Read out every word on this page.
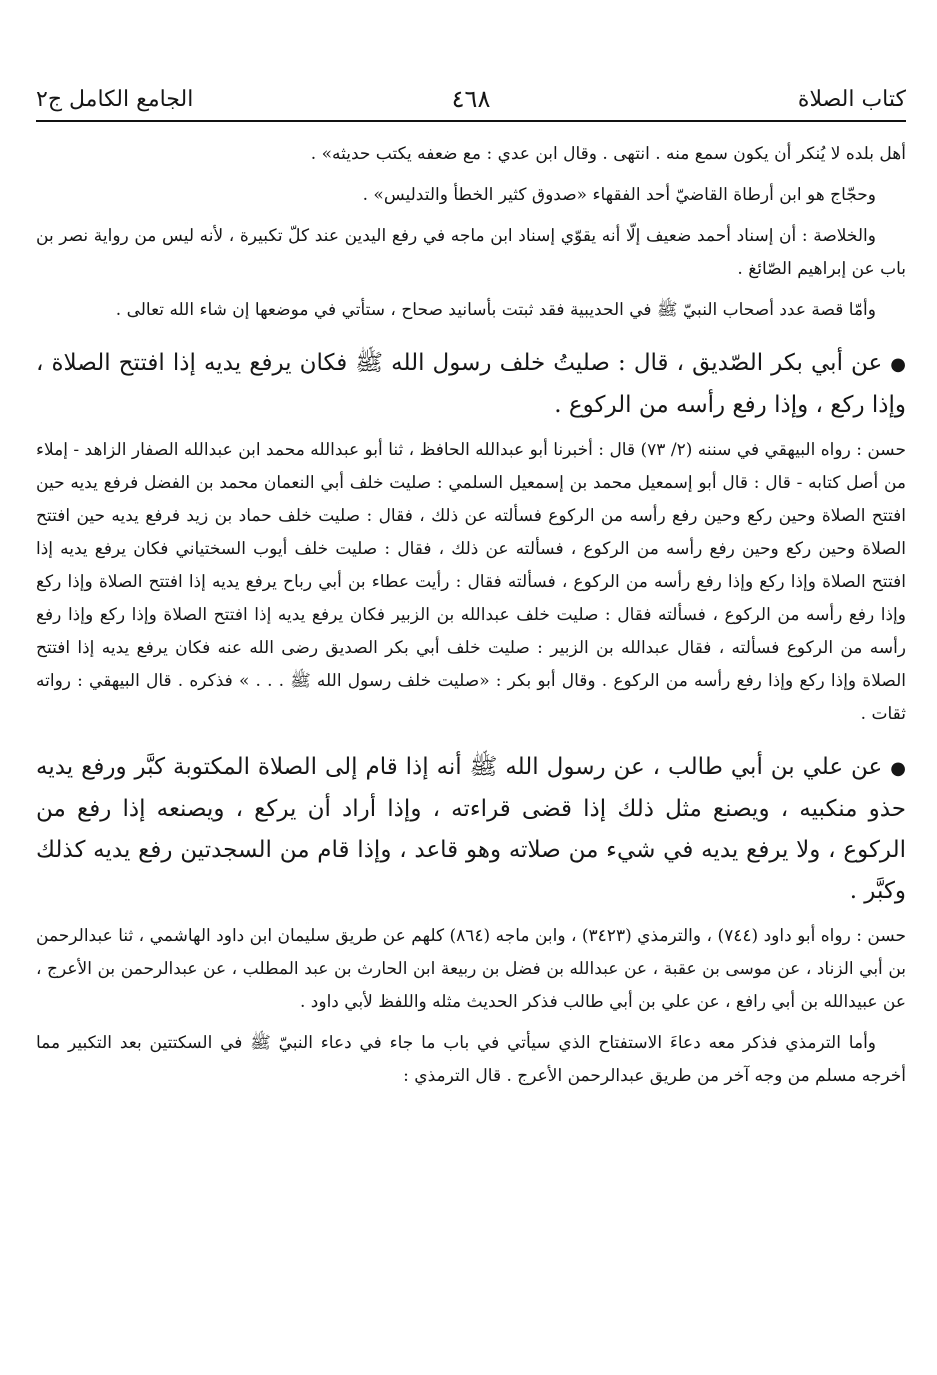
كتاب الصلاة
٤٦٨
الجامع الكامل ج٢

أهل بلده لا يُنكر أن يكون سمع منه . انتهى . وقال ابن عدي : مع ضعفه يكتب حديثه» .

وحجّاج هو ابن أرطاة القاضيّ أحد الفقهاء «صدوق كثير الخطأ والتدليس» .

والخلاصة : أن إسناد أحمد ضعيف إلّا أنه يقوّي إسناد ابن ماجه في رفع اليدين عند كلّ تكبيرة ، لأنه ليس من رواية نصر بن باب عن إبراهيم الصّائغ .

وأمّا قصة عدد أصحاب النبيّ ﷺ في الحديبية فقد ثبتت بأسانيد صحاح ، ستأتي في موضعها إن شاء الله تعالى .

●عن أبي بكر الصّديق ، قال : صليتُ خلف رسول الله ﷺ فكان يرفع يديه إذا افتتح الصلاة ، وإذا ركع ، وإذا رفع رأسه من الركوع .

حسن : رواه البيهقي في سننه (٢/ ٧٣) قال : أخبرنا أبو عبدالله الحافظ ، ثنا أبو عبدالله محمد ابن عبدالله الصفار الزاهد - إملاء من أصل كتابه - قال : قال أبو إسمعيل محمد بن إسمعيل السلمي : صليت خلف أبي النعمان محمد بن الفضل فرفع يديه حين افتتح الصلاة وحين ركع وحين رفع رأسه من الركوع فسألته عن ذلك ، فقال : صليت خلف حماد بن زيد فرفع يديه حين افتتح الصلاة وحين ركع وحين رفع رأسه من الركوع ، فسألته عن ذلك ، فقال : صليت خلف أيوب السختياني فكان يرفع يديه إذا افتتح الصلاة وإذا ركع وإذا رفع رأسه من الركوع ، فسألته فقال : رأيت عطاء بن أبي رباح يرفع يديه إذا افتتح الصلاة وإذا ركع وإذا رفع رأسه من الركوع ، فسألته فقال : صليت خلف عبدالله بن الزبير فكان يرفع يديه إذا افتتح الصلاة وإذا ركع وإذا رفع رأسه من الركوع فسألته ، فقال عبدالله بن الزبير : صليت خلف أبي بكر الصديق رضى الله عنه فكان يرفع يديه إذا افتتح الصلاة وإذا ركع وإذا رفع رأسه من الركوع . وقال أبو بكر : «صليت خلف رسول الله ﷺ . . . » فذكره . قال البيهقي : رواته ثقات .

●عن علي بن أبي طالب ، عن رسول الله ﷺ أنه إذا قام إلى الصلاة المكتوبة كبَّر ورفع يديه حذو منكبيه ، ويصنع مثل ذلك إذا قضى قراءته ، وإذا أراد أن يركع ، ويصنعه إذا رفع من الركوع ، ولا يرفع يديه في شيء من صلاته وهو قاعد ، وإذا قام من السجدتين رفع يديه كذلك وكبَّر .

حسن : رواه أبو داود (٧٤٤) ، والترمذي (٣٤٢٣) ، وابن ماجه (٨٦٤) كلهم عن طريق سليمان ابن داود الهاشمي ، ثنا عبدالرحمن بن أبي الزناد ، عن موسى بن عقبة ، عن عبدالله بن فضل بن ربيعة ابن الحارث بن عبد المطلب ، عن عبدالرحمن بن الأعرج ، عن عبيدالله بن أبي رافع ، عن علي بن أبي طالب فذكر الحديث مثله واللفظ لأبي داود .

وأما الترمذي فذكر معه دعاءَ الاستفتاح الذي سيأتي في باب ما جاء في دعاء النبيّ ﷺ في السكتتين بعد التكبير مما أخرجه مسلم من وجه آخر من طريق عبدالرحمن الأعرج . قال الترمذي :
